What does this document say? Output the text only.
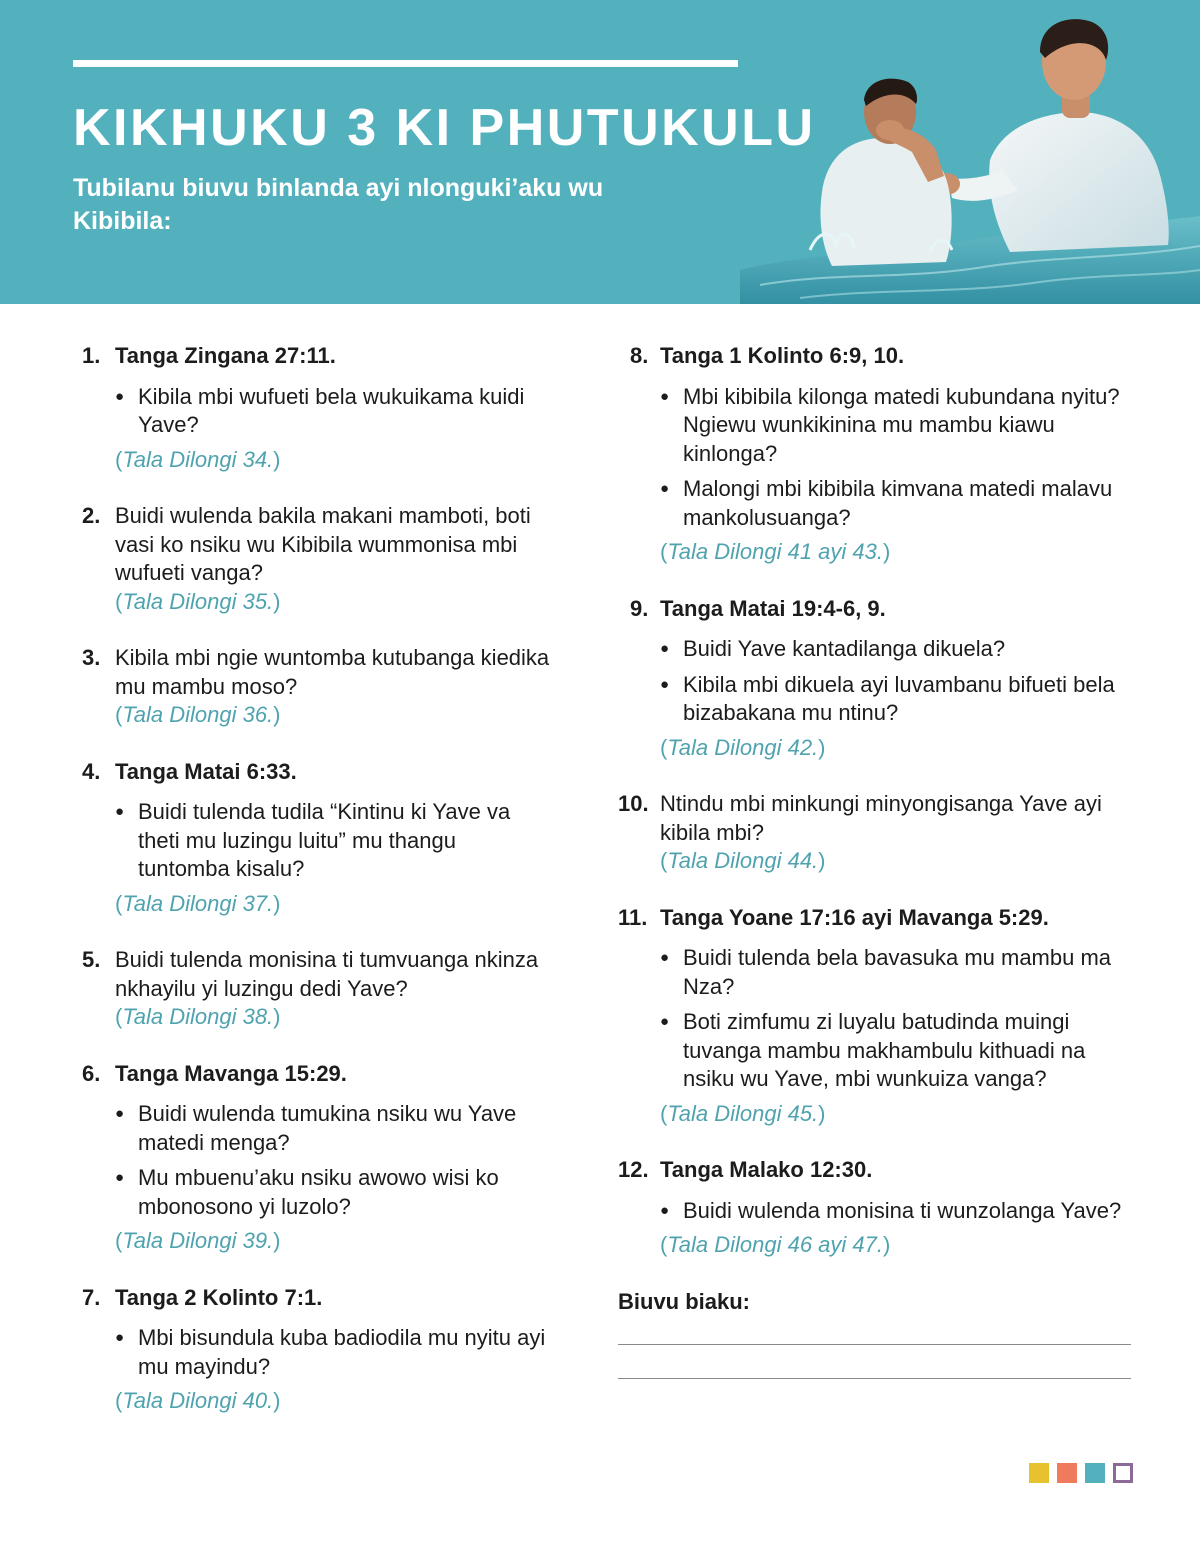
KIKHUKU 3 KI PHUTUKULU
Tubilanu biuvu binlanda ayi nlonguki’aku wu Kibibila:
1. Tanga Zingana 27:11.
● Kibila mbi wufueti bela wukuikama kuidi Yave?
(Tala Dilongi 34.)
2. Buidi wulenda bakila makani mamboti, boti vasi ko nsiku wu Kibibila wummonisa mbi wufueti vanga?
(Tala Dilongi 35.)
3. Kibila mbi ngie wuntomba kutubanga kiedika mu mambu moso?
(Tala Dilongi 36.)
4. Tanga Matai 6:33.
● Buidi tulenda tudila “Kintinu ki Yave va theti mu luzingu luitu” mu thangu tuntomba kisalu?
(Tala Dilongi 37.)
5. Buidi tulenda monisina ti tumvuanga nkinza nkhayilu yi luzingu dedi Yave?
(Tala Dilongi 38.)
6. Tanga Mavanga 15:29.
● Buidi wulenda tumukina nsiku wu Yave matedi menga?
● Mu mbuenu’aku nsiku awowo wisi ko mbonosono yi luzolo?
(Tala Dilongi 39.)
7. Tanga 2 Kolinto 7:1.
● Mbi bisundula kuba badiodila mu nyitu ayi mu mayindu?
(Tala Dilongi 40.)
8. Tanga 1 Kolinto 6:9, 10.
● Mbi kibibila kilonga matedi kubundana nyitu? Ngiewu wunkikinina mu mambu kiawu kinlonga?
● Malongi mbi kibibila kimvana matedi malavu mankolusuanga?
(Tala Dilongi 41 ayi 43.)
9. Tanga Matai 19:4-6, 9.
● Buidi Yave kantadilanga dikuela?
● Kibila mbi dikuela ayi luvambanu bifueti bela bizabakana mu ntinu?
(Tala Dilongi 42.)
10. Ntindu mbi minkungi minyongisanga Yave ayi kibila mbi?
(Tala Dilongi 44.)
11. Tanga Yoane 17:16 ayi Mavanga 5:29.
● Buidi tulenda bela bavasuka mu mambu ma Nza?
● Boti zimfumu zi luyalu batudinda muingi tuvanga mambu makhambulu kithuadi na nsiku wu Yave, mbi wunkuiza vanga?
(Tala Dilongi 45.)
12. Tanga Malako 12:30.
● Buidi wulenda monisina ti wunzolanga Yave?
(Tala Dilongi 46 ayi 47.)
Biuvu biaku:
